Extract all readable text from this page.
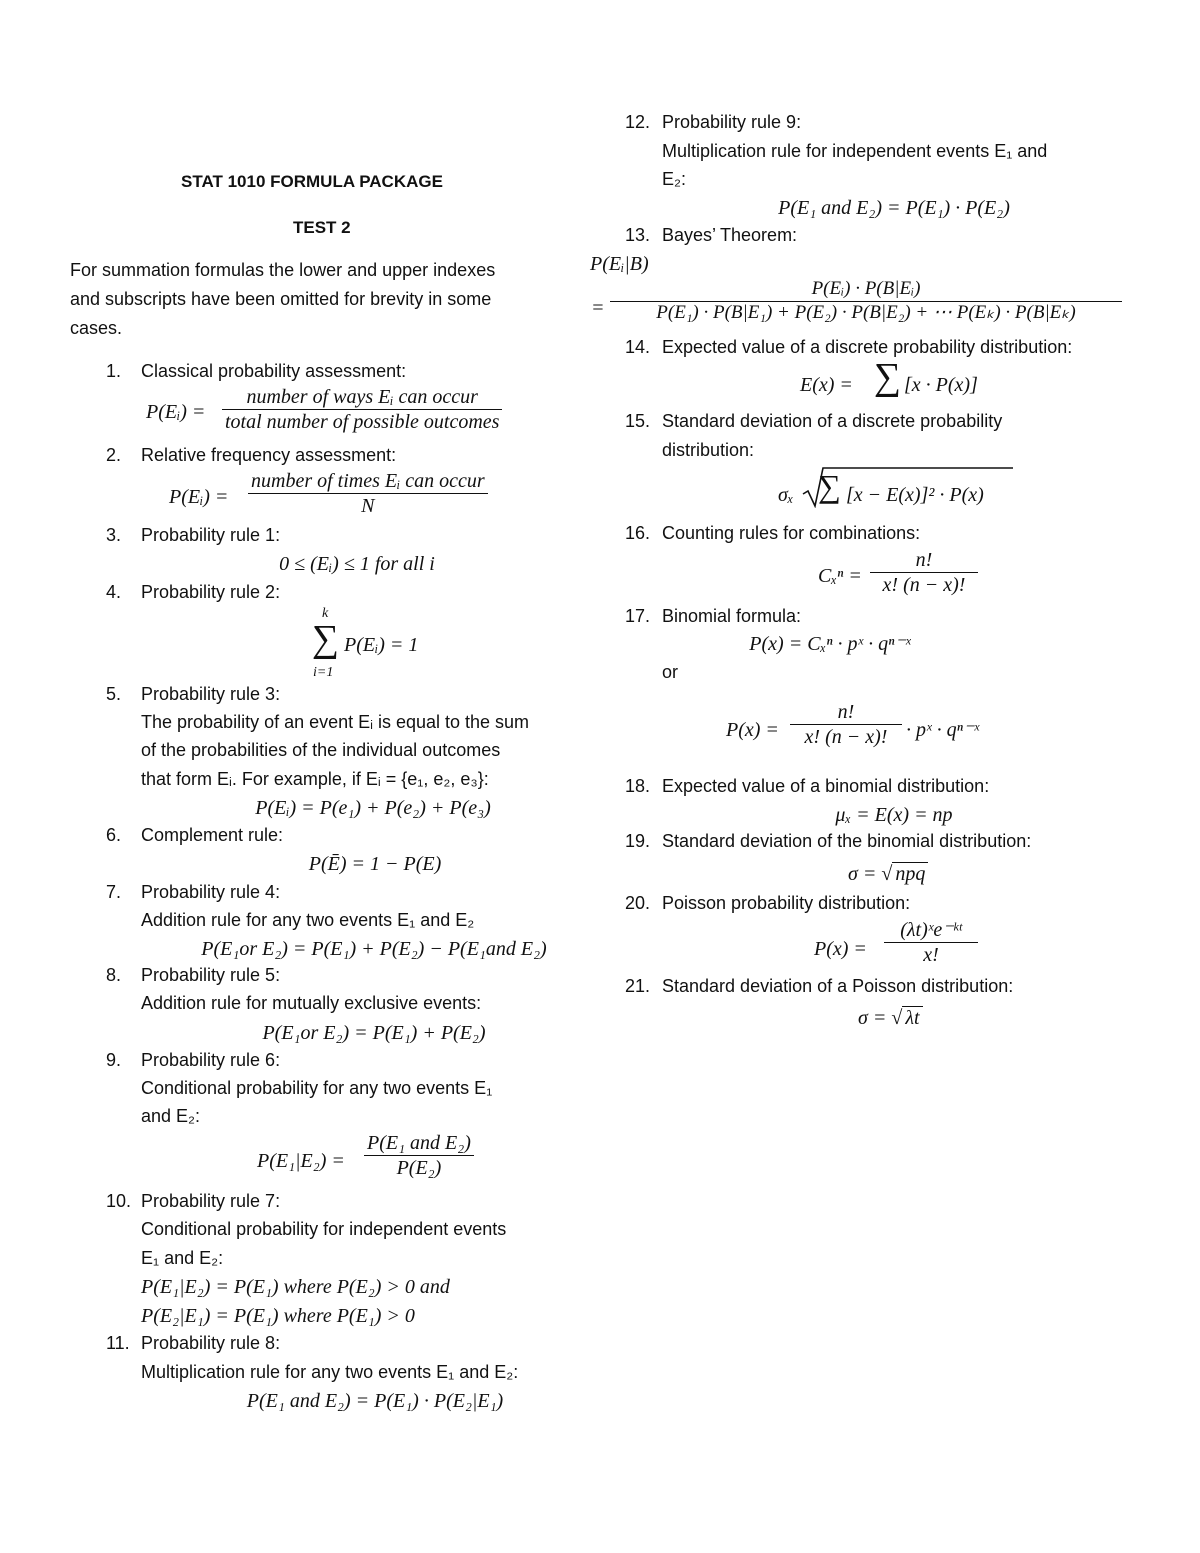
STAT 1010 FORMULA PACKAGE
TEST 2
For summation formulas the lower and upper indexes
and subscripts have been omitted for brevity in some
cases.
1. Classical probability assessment:
P(Eᵢ) = $\frac{\text{number of ways Eᵢ can occur}}{\text{total number of possible outcomes}}$
2. Relative frequency assessment:
P(Eᵢ) = $\frac{\text{number of times Eᵢ can occur}}{N}$
3. Probability rule 1:
0 ≤ (Eᵢ) ≤ 1 for all i
4. Probability rule 2:
k
∑
i=1
P(Eᵢ) = 1
5. Probability rule 3:
The probability of an event Eᵢ is equal to the sum
of the probabilities of the individual outcomes
that form Eᵢ. For example, if Eᵢ = {e₁, e₂, e₃}:
P(Eᵢ) = P(e₁) + P(e₂) + P(e₃)
6. Complement rule:
P(Ē) = 1 − P(E)
7. Probability rule 4:
Addition rule for any two events E₁ and E₂
P(E₁or E₂) = P(E₁) + P(E₂) − P(E₁and E₂)
8. Probability rule 5:
Addition rule for mutually exclusive events:
P(E₁or E₂) = P(E₁) + P(E₂)
9. Probability rule 6:
Conditional probability for any two events E₁
and E₂:
$P(E_1|E_2) = \frac{\text{P(E₁ and E₂)}}{\text{P(E₂)}}$
10. Probability rule 7:
Conditional probability for independent events
E₁ and E₂:
P(E₁|E₂) = P(E₁) where P(E₂) > 0 and
P(E₂|E₁) = P(E₁) where P(E₁) > 0
11. Probability rule 8:
Multiplication rule for any two events E₁ and E₂:
P(E₁ and E₂) = P(E₁) ∙ P(E₂|E₁)
12. Probability rule 9:
Multiplication rule for independent events E₁ and
E₂:
P(E₁ and E₂) = P(E₁) ∙ P(E₂)
13. Bayes’ Theorem:
P(Eᵢ|B)
= $\frac{\text{P(Eᵢ) ∙ P(B|Eᵢ)}}{\text{P(E₁) ∙ P(B|E₁) + P(E₂) ∙ P(B|E₂) + ⋯ P(Eₖ) ∙ P(B|Eₖ)}}$
14. Expected value of a discrete probability distribution:
E(x) = ∑ [x ∙ P(x)]
15. Standard deviation of a discrete probability
distribution:
σₓ ∑ [x − E(x)]² ∙ P(x)
16. Counting rules for combinations:
$C_x^n = \frac{n!}{x! (n - x)!}$
17. Binomial formula:
P(x) = Cₓⁿ ∙ pˣ ∙ qⁿ⁻ˣ
or
$P(x) = \frac{n!}{x! (n - x)!}$ ∙ pˣ ∙ qⁿ⁻ˣ
18. Expected value of a binomial distribution:
μₓ = E(x) = np
19. Standard deviation of the binomial distribution:
σ = √ npq
20. Poisson probability distribution:
$P(x) = \frac{\text{(λt)ˣe⁻ᵏᵗ}}{x!}$
21. Standard deviation of a Poisson distribution:
σ = √ λt
